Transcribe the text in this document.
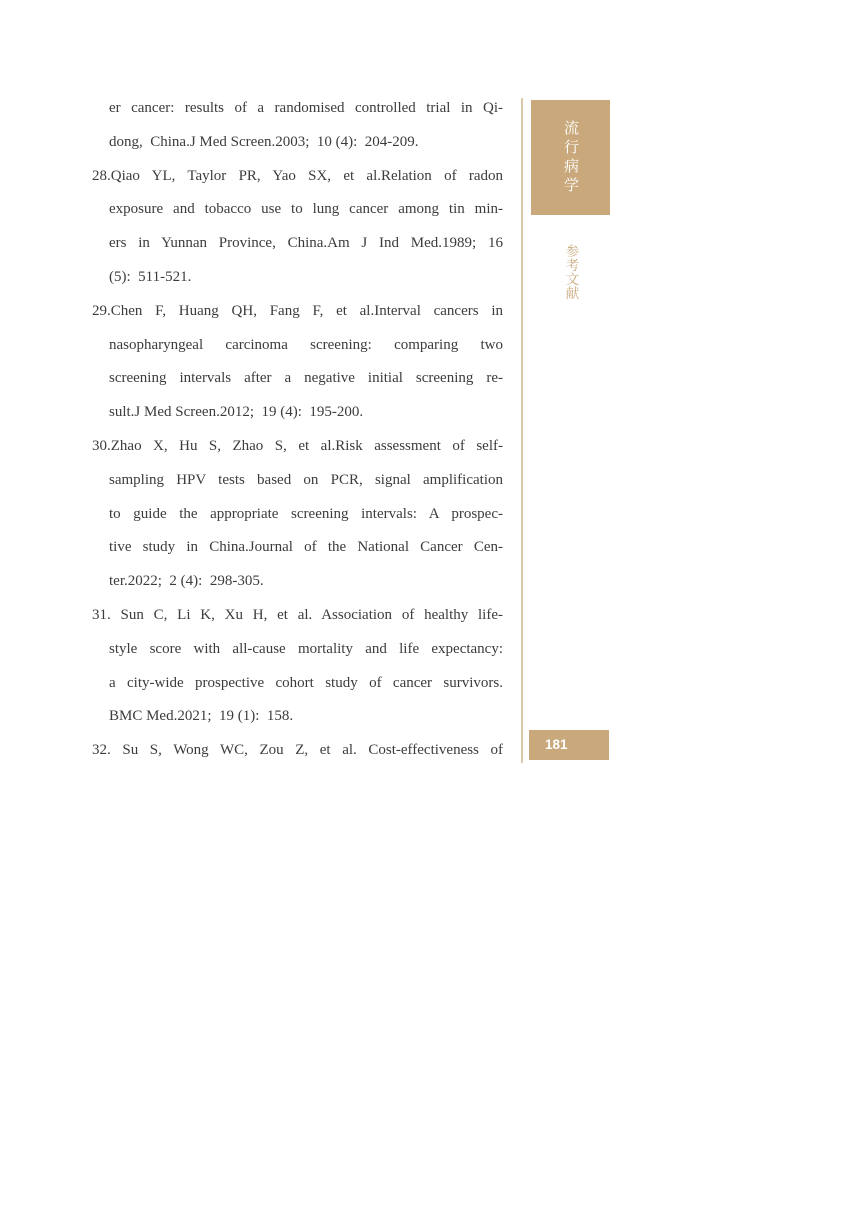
er cancer: results of a randomised controlled trial in Qi-
dong,  China.J Med Screen.2003;  10 (4):  204-209.
28.Qiao YL, Taylor PR, Yao SX, et al.Relation of radon
exposure and tobacco use to lung cancer among tin min-
ers in Yunnan Province, China.Am J Ind Med.1989; 16
(5):  511-521.
29.Chen F, Huang QH, Fang F, et al.Interval cancers in
nasopharyngeal carcinoma screening: comparing two
screening intervals after a negative initial screening re-
sult.J Med Screen.2012;  19 (4):  195-200.
30.Zhao X, Hu S, Zhao S, et al.Risk assessment of self-
sampling HPV tests based on PCR, signal amplification
to guide the appropriate screening intervals: A prospec-
tive study in China.Journal of the National Cancer Cen-
ter.2022;  2 (4):  298-305.
31. Sun C, Li K, Xu H, et al. Association of healthy life-
style score with all-cause mortality and life expectancy:
a city-wide prospective cohort study of cancer survivors.
BMC Med.2021;  19 (1):  158.
32. Su S, Wong WC, Zou Z, et al. Cost-effectiveness of
流行病学
参考文献
181
